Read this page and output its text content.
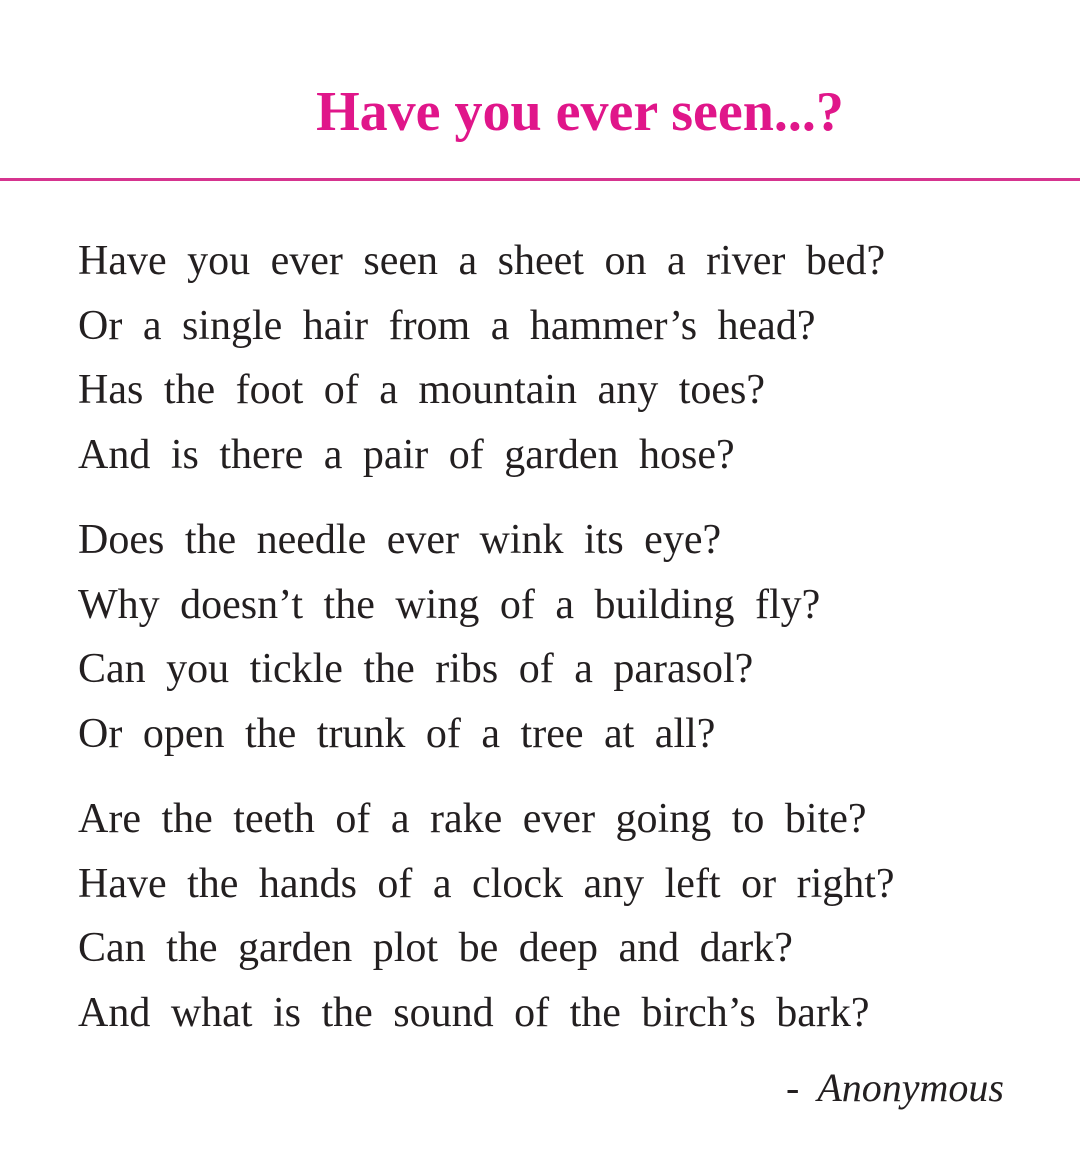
Have you ever seen...?
Have you ever seen a sheet on a river bed?
Or a single hair from a hammer’s head?
Has the foot of a mountain any toes?
And is there a pair of garden hose?
Does the needle ever wink its eye?
Why doesn’t the wing of a building fly?
Can you tickle the ribs of a parasol?
Or open the trunk of a tree at all?
Are the teeth of a rake ever going to bite?
Have the hands of a clock any left or right?
Can the garden plot be deep and dark?
And what is the sound of the birch’s bark?
- Anonymous
